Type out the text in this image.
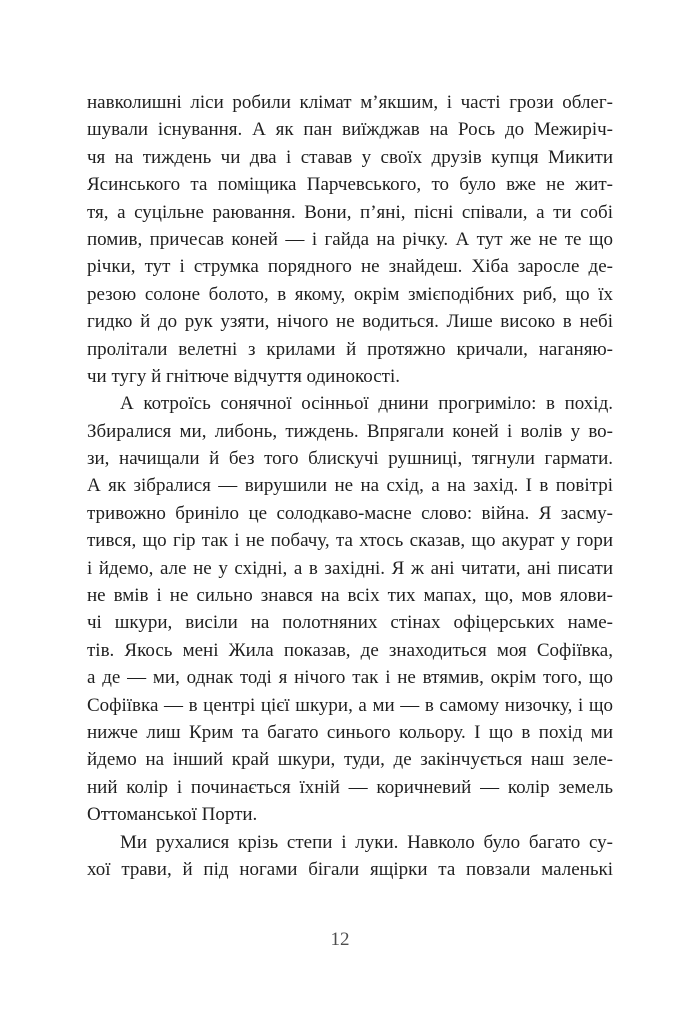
навколишні ліси робили клімат м’якшим, і часті грози облег-
шували існування. А як пан виїжджав на Рось до Межиріч-
чя на тиждень чи два і ставав у своїх друзів купця Микити
Ясинського та поміщика Парчевського, то було вже не жит-
тя, а суцільне раювання. Вони, п’яні, пісні співали, а ти собі
помив, причесав коней — і гайда на річку. А тут же не те що
річки, тут і струмка порядного не знайдеш. Хіба заросле де-
резою солоне болото, в якому, окрім змієподібних риб, що їх
гидко й до рук узяти, нічого не водиться. Лише високо в небі
пролітали велетні з крилами й протяжно кричали, наганяю-
чи тугу й гнітюче відчуття одинокості.

А котроїсь сонячної осінньої днини прогриміло: в похід.
Збиралися ми, либонь, тиждень. Впрягали коней і волів у во-
зи, начищали й без того блискучі рушниці, тягнули гармати.
А як зібралися — вирушили не на схід, а на захід. І в повітрі
тривожно бриніло це солодкаво-масне слово: війна. Я засму-
тився, що гір так і не побачу, та хтось сказав, що акурат у гори
і йдемо, але не у східні, а в західні. Я ж ані читати, ані писати
не вмів і не сильно знався на всіх тих мапах, що, мов ялови-
чі шкури, висіли на полотняних стінах офіцерських наме-
тів. Якось мені Жила показав, де знаходиться моя Софіївка,
а де — ми, однак тоді я нічого так і не втямив, окрім того, що
Софіївка — в центрі цієї шкури, а ми — в самому низочку, і що
нижче лиш Крим та багато синього кольору. І що в похід ми
йдемо на інший край шкури, туди, де закінчується наш зеле-
ний колір і починається їхній — коричневий — колір земель
Оттоманської Порти.

Ми рухалися крізь степи і луки. Навколо було багато су-
хої трави, й під ногами бігали ящірки та повзали маленькі

12
